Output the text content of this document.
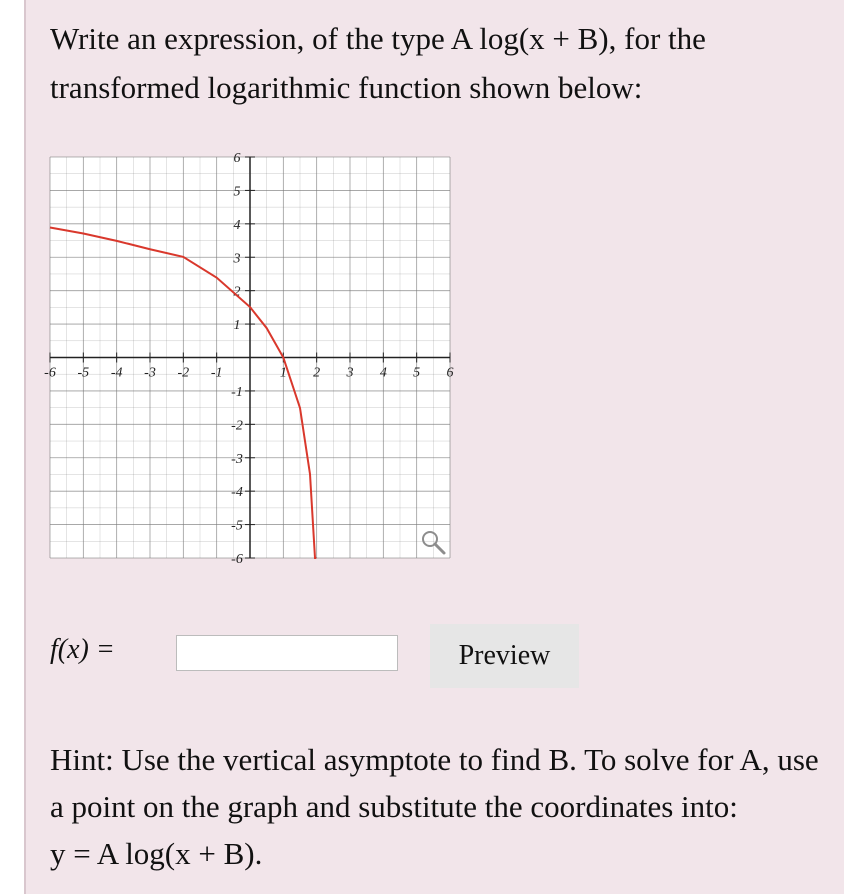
Write an expression, of the type A log(x + B), for the transformed logarithmic function shown below:

-6 -5 -4 -3 -2 -1	1 2 3 4 5 6
6
5
4
3
2
1
-1
-2
-3
-4
-5
-6
f(x) =	Preview

Hint: Use the vertical asymptote to find B. To solve for A, use a point on the graph and substitute the coordinates into:
y = A log(x + B).
